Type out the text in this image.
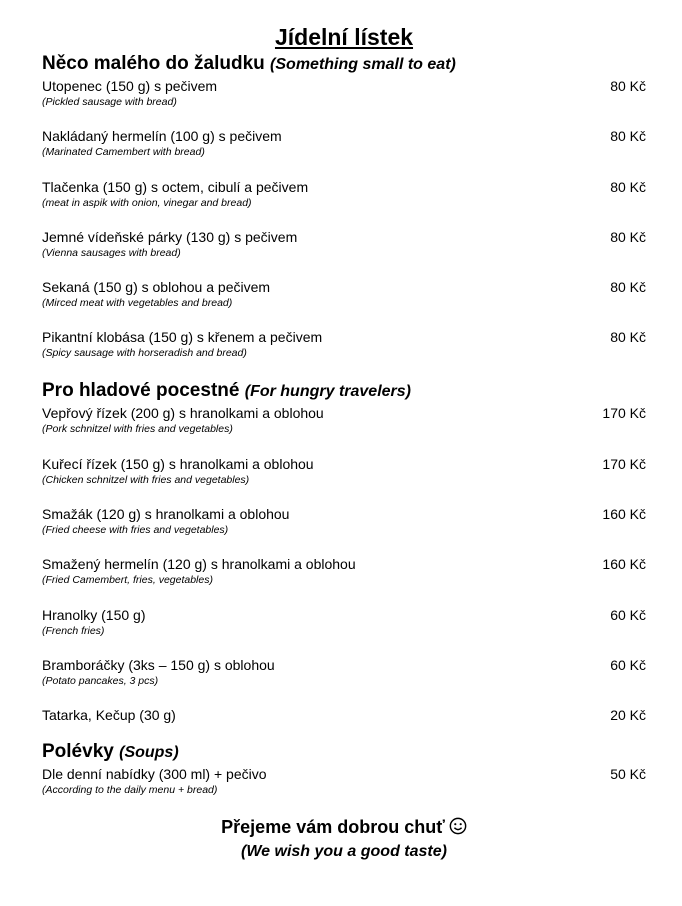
Jídelní lístek
Něco malého do žaludku (Something small to eat)
Utopenec (150 g) s pečivem
(Pickled sausage with bread)
80 Kč
Nakládaný hermelín (100 g) s pečivem
(Marinated Camembert with bread)
80 Kč
Tlačenka (150 g) s octem, cibulí a pečivem
(meat in aspik with onion, vinegar and bread)
80 Kč
Jemné vídeňské párky (130 g) s pečivem
(Vienna sausages with bread)
80 Kč
Sekaná (150 g) s oblohou a pečivem
(Mirced meat with vegetables and bread)
80 Kč
Pikantní klobása (150 g) s křenem a pečivem
(Spicy sausage with horseradish and bread)
80 Kč
Pro hladové pocestné (For hungry travelers)
Vepřový řízek (200 g) s hranolkami a oblohou
(Pork schnitzel with fries and vegetables)
170 Kč
Kuřecí řízek (150 g) s hranolkami a oblohou
(Chicken schnitzel with fries and vegetables)
170 Kč
Smažák (120 g) s hranolkami a oblohou
(Fried cheese with fries and vegetables)
160 Kč
Smažený hermelín (120 g) s hranolkami a oblohou
(Fried Camembert, fries, vegetables)
160 Kč
Hranolky (150 g)
(French fries)
60 Kč
Bramboráčky (3ks – 150 g) s oblohou
(Potato pancakes, 3 pcs)
60 Kč
Tatarka, Kečup (30 g)	20 Kč
Polévky (Soups)
Dle denní nabídky (300 ml) + pečivo
(According to the daily menu + bread)
50 Kč
Přejeme vám dobrou chuť
(We wish you a good taste)
